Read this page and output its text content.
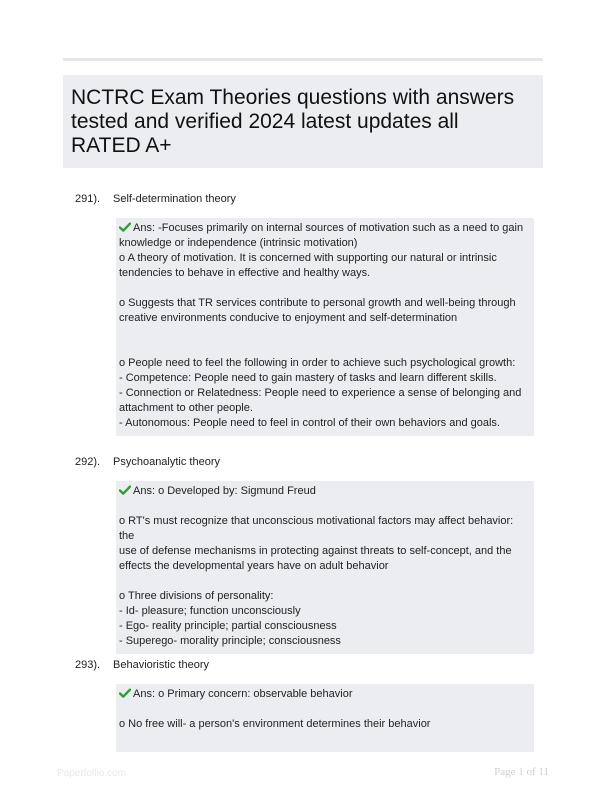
NCTRC Exam Theories questions with answers tested and verified 2024 latest updates all RATED A+
291). Self-determination theory
Ans: -Focuses primarily on internal sources of motivation such as a need to gain
knowledge or independence (intrinsic motivation)
o A theory of motivation. It is concerned with supporting our natural or intrinsic
tendencies to behave in effective and healthy ways.
o Suggests that TR services contribute to personal growth and well-being through
creative environments conducive to enjoyment and self-determination
o People need to feel the following in order to achieve such psychological growth:
- Competence: People need to gain mastery of tasks and learn different skills.
- Connection or Relatedness: People need to experience a sense of belonging and
attachment to other people.
- Autonomous: People need to feel in control of their own behaviors and goals.
292). Psychoanalytic theory
Ans: o Developed by: Sigmund Freud
o RT's must recognize that unconscious motivational factors may affect behavior: the
use of defense mechanisms in protecting against threats to self-concept, and the
effects the developmental years have on adult behavior
o Three divisions of personality:
- Id- pleasure; function unconsciously
- Ego- reality principle; partial consciousness
- Superego- morality principle; consciousness
293). Behavioristic theory
Ans: o Primary concern: observable behavior
o No free will- a person's environment determines their behavior
Paperfollio.com	Page 1 of 11
